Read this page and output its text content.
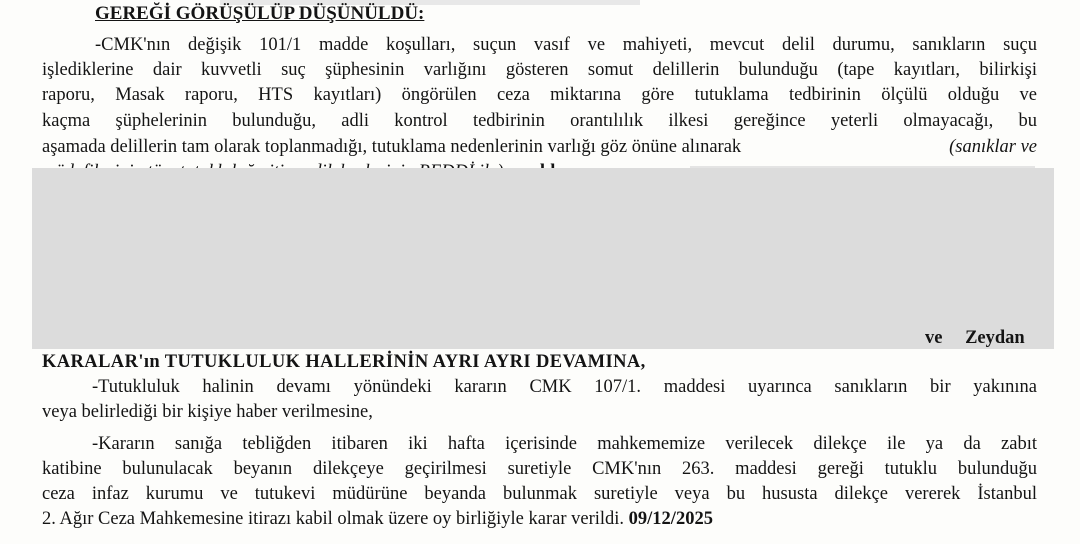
GEREĞİ GÖRÜŞÜLÜP DÜŞÜNÜLDÜ:
-CMK'nın değişik 101/1 madde koşulları, suçun vasıf ve mahiyeti, mevcut delil durumu, sanıkların suçu
işlediklerine dair kuvvetli suç şüphesinin varlığını gösteren somut delillerin bulunduğu (tape kayıtları, bilirkişi
raporu, Masak raporu, HTS kayıtları) öngörülen ceza miktarına göre tutuklama tedbirinin ölçülü olduğu ve
kaçma şüphelerinin bulunduğu, adli kontrol tedbirinin orantılılık ilkesi gereğince yeterli olmayacağı, bu
aşamada delillerin tam olarak toplanmadığı, tutuklama nedenlerinin varlığı göz önüne alınarak	(sanıklar ve
ve Zeydan
KARALAR'ın TUTUKLULUK HALLERİNİN AYRI AYRI DEVAMINA,
-Tutukluluk halinin devamı yönündeki kararın CMK 107/1. maddesi uyarınca sanıkların bir yakınına
veya belirlediği bir kişiye haber verilmesine,
-Kararın sanığa tebliğden itibaren iki hafta içerisinde mahkememize verilecek dilekçe ile ya da zabıt
katibine bulunulacak beyanın dilekçeye geçirilmesi suretiyle CMK'nın 263. maddesi gereği tutuklu bulunduğu
ceza infaz kurumu ve tutukevi müdürüne beyanda bulunmak suretiyle veya bu hususta dilekçe vererek İstanbul
2. Ağır Ceza Mahkemesine itirazı kabil olmak üzere oy birliğiyle karar verildi. 09/12/2025
